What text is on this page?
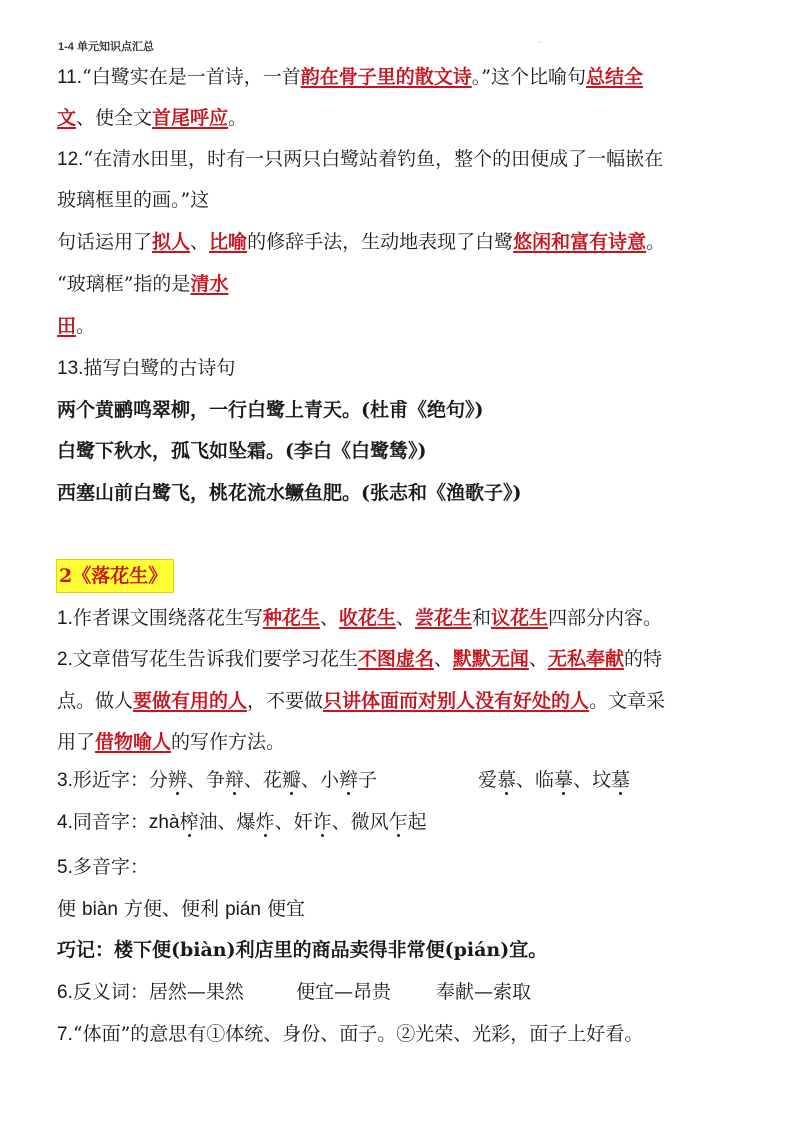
1-4 单元知识点汇总
.
11.“白鹭实在是一首诗，一首韵在骨子里的散文诗。”这个比喻句总结全
文、使全文首尾呼应。
12.“在清水田里，时有一只两只白鹭站着钓鱼，整个的田便成了一幅嵌在
玻璃框里的画。”这
句话运用了拟人、比喻的修辞手法，生动地表现了白鹭悠闲和富有诗意。
“玻璃框”指的是清水
田。
13.描写白鹭的古诗句
两个黄鹂鸣翠柳，一行白鹭上青天。(杜甫《绝句》)
白鹭下秋水，孤飞如坠霜。(李白《白鹭鸶》)
西塞山前白鹭飞，桃花流水鳜鱼肥。(张志和《渔歌子》)
2《落花生》
1.作者课文围绕落花生写种花生、收花生、尝花生和议花生四部分内容。
2.文章借写花生告诉我们要学习花生不图虚名、默默无闻、无私奉献的特
点。做人要做有用的人，不要做只讲体面而对别人没有好处的人。文章采
用了借物喻人的写作方法。
3.形近字：分辨、争辩、花瓣、小辫子	爱慕、临摹、坟墓
4.同音字：zhà榨油、爆炸、奸诈、微风乍起
5.多音字：
便 biàn 方便、便利 pián 便宜
巧记：楼下便(biàn)利店里的商品卖得非常便(pián)宜。
6.反义词：居然—果然	便宜—昂贵 奉献—索取
7.“体面”的意思有①体统、身份、面子。②光荣、光彩，面子上好看。
